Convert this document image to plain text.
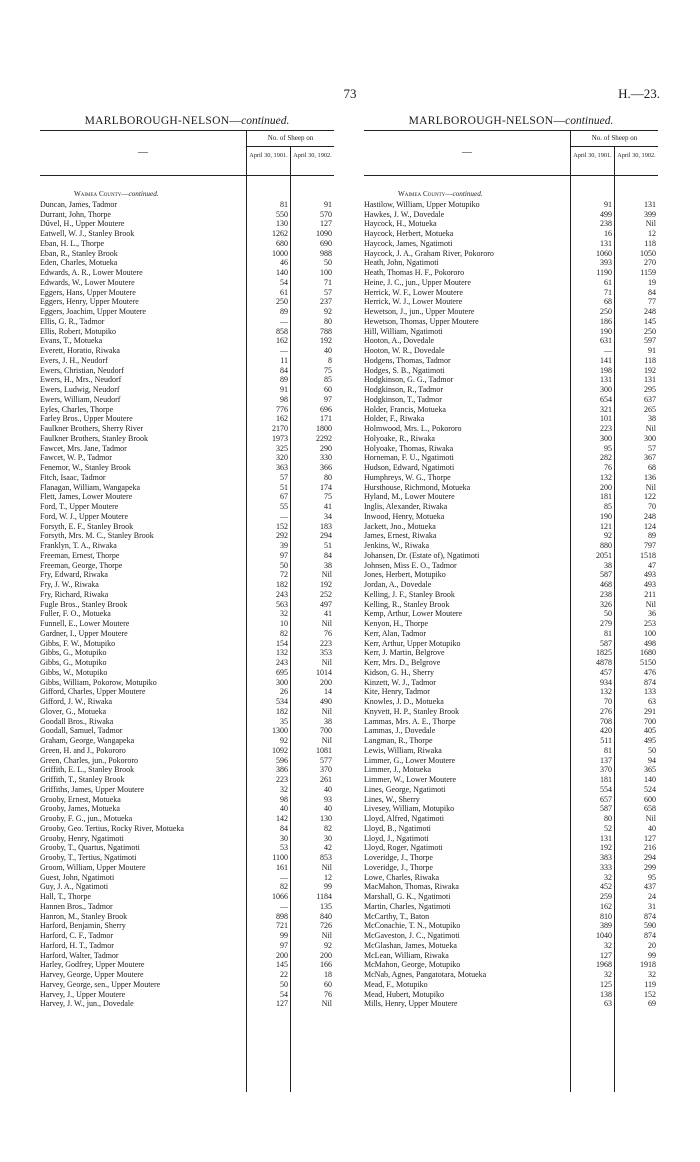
73	H.—23.
MARLBOROUGH-NELSON—continued.
—
No. of Sheep on
April 30, 1901. April 30, 1902.
Waimea County—continued.
Duncan, James, Tadmor	81	91
Durrant, John, Thorpe	550	570
Dűvel, H., Upper Moutere	130	127
Eatwell, W. J., Stanley Brook	1262	1090
Eban, H. L., Thorpe	680	690
Eban, R., Stanley Brook	1000	988
Eden, Charles, Motueka	46	50
Edwards, A. R., Lower Moutere	140	100
Edwards, W., Lower Moutere	54	71
Eggers, Hans, Upper Moutere	61	57
Eggers, Henry, Upper Moutere	250	237
Eggers, Joachim, Upper Moutere	89	92
Ellis, G. R., Tadmor	—	80
Ellis, Robert, Motupiko	858	788
Evans, T., Motueka	162	192
Everett, Horatio, Riwaka	—	40
Evers, J. H., Neudorf	11	8
Ewers, Christian, Neudorf	84	75
Ewers, H., Mrs., Neudorf	89	85
Ewers, Ludwig, Neudorf	91	60
Ewers, William, Neudorf	98	97
Eyles, Charles, Thorpe	776	696
Farley Bros., Upper Moutere	162	171
Faulkner Brothers, Sherry River	2170	1800
Faulkner Brothers, Stanley Brook	1973	2292
Fawcet, Mrs. Jane, Tadmor	325	290
Fawcet, W. P., Tadmor	320	330
Fenemor, W., Stanley Brook	363	366
Fitch, Isaac, Tadmor	57	80
Flanagan, William, Wangapeka	51	174
Flett, James, Lower Moutere	67	75
Ford, T., Upper Moutere	55	41
Ford, W. J., Upper Moutere	—	34
Forsyth, E. F., Stanley Brook	152	183
Forsyth, Mrs. M. C., Stanley Brook	292	294
Franklyn, T. A., Riwaka	39	51
Freeman, Ernest, Thorpe	97	84
Freeman, George, Thorpe	50	38
Fry, Edward, Riwaka	72	Nil
Fry, J. W., Riwaka	182	192
Fry, Richard, Riwaka	243	252
Fugle Bros., Stanley Brook	563	497
Fuller, F. O., Motueka	32	41
Funnell, E., Lower Moutere	10	Nil
Gardner, I., Upper Moutere	82	76
Gibbs, F. W., Motupiko	154	223
Gibbs, G., Motupiko	132	353
Gibbs, G., Motupiko	243	Nil
Gibbs, W., Motupiko	695	1014
Gibbs, William, Pokorow, Motupiko	300	200
Gifford, Charles, Upper Moutere	26	14
Gifford, J. W., Riwaka	534	490
Glover, G., Motueka	182	Nil
Goodall Bros., Riwaka	35	38
Goodall, Samuel, Tadmor	1300	700
Graham, George, Wangapeka	92	Nil
Green, H. and J., Pokororo	1092	1081
Green, Charles, jun., Pokororo	596	577
Griffith, E. L., Stanley Brook	386	370
Griffith, T., Stanley Brook	223	261
Griffiths, James, Upper Moutere	32	40
Grooby, Ernest, Motueka	98	93
Grooby, James, Motueka	40	40
Grooby, F. G., jun., Motueka	142	130
Grooby, Geo. Tertius, Rocky River, Motueka	84	82
Grooby, Henry, Ngatimoti	30	30
Grooby, T., Quartus, Ngatimoti	53	42
Grooby, T., Tertius, Ngatimoti	1100	853
Groom, William, Upper Moutere	161	Nil
Guest, John, Ngatimoti	—	12
Guy, J. A., Ngatimoti	82	99
Hall, T., Thorpe	1066	1184
Hannen Bros., Tadmor	—	135
Hanron, M., Stanley Brook	898	840
Harford, Benjamin, Sherry	721	726
Harford, C. F., Tadmor	99	Nil
Harford, H. T., Tadmor	97	92
Harford, Walter, Tadmor	200	200
Harley, Godfrey, Upper Moutere	145	166
Harvey, George, Upper Moutere	22	18
Harvey, George, sen., Upper Moutere	50	60
Harvey, J., Upper Moutere	54	76
Harvey, J. W., jun., Dovedale	127	Nil
MARLBOROUGH-NELSON—continued.
—
No. of Sheep on
April 30, 1901. April 30, 1902.
Waimea County—continued.
Hastilow, William, Upper Motupiko	91	131
Hawkes, J. W., Dovedale	499	399
Haycock, H., Motueka	238	Nil
Haycock, Herbert, Motueka	16	12
Haycock, James, Ngatimoti	131	118
Haycock, J. A., Graham River, Pokororo	1060	1050
Heath, John, Ngatimoti	393	270
Heath, Thomas H. F., Pokororo	1190	1159
Heine, J. C., jun., Upper Moutere	61	19
Herrick, W. F., Lower Moutere	71	84
Herrick, W. J., Lower Moutere	68	77
Hewetson, J., jun., Upper Moutere	250	248
Hewetson, Thomas, Upper Moutere	186	145
Hill, William, Ngatimoti	190	250
Hooton, A., Dovedale	631	597
Hooton, W. R., Dovedale	—	91
Hodgens, Thomas, Tadmor	141	118
Hodges, S. B., Ngatimoti	198	192
Hodgkinson, G. G., Tadmor	131	131
Hodgkinson, R., Tadmor	300	295
Hodgkinson, T., Tadmor	654	637
Holder, Francis, Motueka	321	265
Holder, F., Riwaka	101	38
Holmwood, Mrs. L., Pokororo	223	Nil
Holyoake, R., Riwaka	300	300
Holyoake, Thomas, Riwaka	95	57
Horneman, F. U., Ngatimoti	282	367
Hudson, Edward, Ngatimoti	76	68
Humphreys, W. G., Thorpe	132	136
Hursthouse, Richmond, Motueka	200	Nil
Hyland, M., Lower Moutere	181	122
Inglis, Alexander, Riwaka	85	70
Inwood, Henry, Motueka	190	248
Jackett, Jno., Motueka	121	124
James, Ernest, Riwaka	92	89
Jenkins, W., Riwaka	880	797
Johansen, Dr. (Estate of), Ngatimoti	2051	1518
Johnsen, Miss E. O., Tadmor	38	47
Jones, Herbert, Motupiko	587	493
Jordan, A., Dovedale	468	493
Kelling, J. F., Stanley Brook	238	211
Kelling, R., Stanley Brook	326	Nil
Kemp, Arthur, Lower Moutere	50	36
Kenyon, H., Thorpe	279	253
Kerr, Alan, Tadmor	81	100
Kerr, Arthur, Upper Motupiko	587	498
Kerr, J. Martin, Belgrove	1825	1680
Kerr, Mrs. D., Belgrove	4878	5150
Kidson, G. H., Sherry	457	476
Kinzett, W. J., Tadmor	934	874
Kite, Henry, Tadmor	132	133
Knowles, J. D., Motueka	70	63
Knyvett, H. P., Stanley Brook	276	291
Lammas, Mrs. A. E., Thorpe	708	700
Lammas, J., Dovedale	420	405
Langman, R., Thorpe	511	495
Lewis, William, Riwaka	81	50
Limmer, G., Lower Moutere	137	94
Limmer, J., Motueka	370	365
Limmer, W., Lower Moutere	181	140
Lines, George, Ngatimoti	554	524
Lines, W., Sherry	657	600
Livesey, William, Motupiko	587	658
Lloyd, Alfred, Ngatimoti	80	Nil
Lloyd, B., Ngatimoti	52	40
Lloyd, J., Ngatimoti	131	127
Lloyd, Roger, Ngatimoti	192	216
Loveridge, J., Thorpe	383	294
Loveridge, J., Thorpe	333	299
Lowe, Charles, Riwaka	32	95
MacMahon, Thomas, Riwaka	452	437
Marshall, G. K., Ngatimoti	259	24
Martin, Charles, Ngatimoti	162	31
McCarthy, T., Baton	810	874
McConachie, T. N., Motupiko	389	590
McGaveston, J. C., Ngatimoti	1040	874
McGlashan, James, Motueka	32	20
McLean, William, Riwaka	127	99
McMahon, George, Motupiko	1968	1918
McNab, Agnes, Pangatotara, Motueka	32	32
Mead, F., Motupiko	125	119
Mead, Hubert, Motupiko	138	152
Mills, Henry, Upper Moutere	63	69
